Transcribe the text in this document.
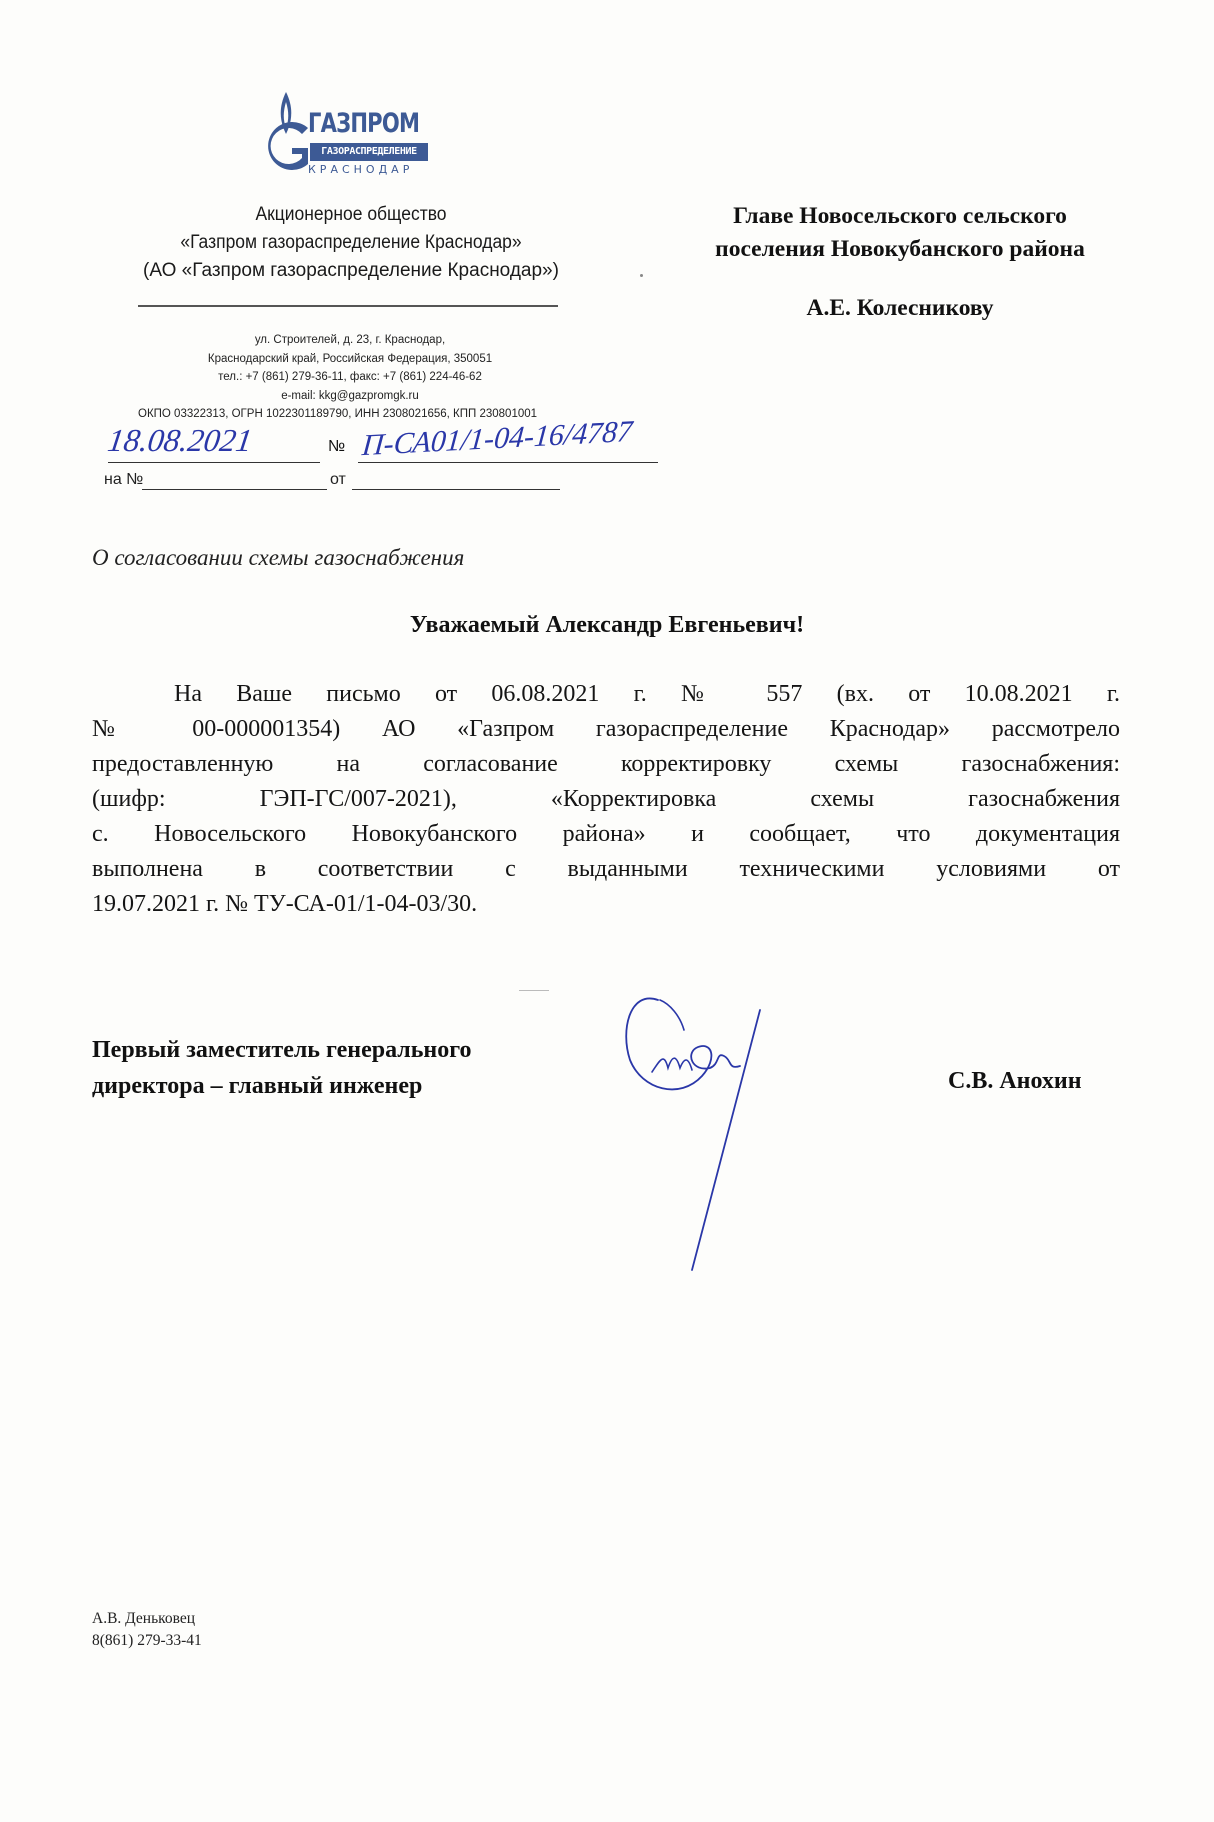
ГАЗПРОМ
ГАЗОРАСПРЕДЕЛЕНИЕ
КРАСНОДАР
Акционерное общество
«Газпром газораспределение Краснодар»
(АО «Газпром газораспределение Краснодар»)
ул. Строителей, д. 23, г. Краснодар,
Краснодарский край, Российская Федерация, 350051
тел.: +7 (861) 279-36-11, факс: +7 (861) 224-46-62
e-mail: kkg@gazpromgk.ru
ОКПО 03322313, ОГРН 1022301189790, ИНН 2308021656, КПП 230801001
18.08.2021	№ П-СА01/1-04-16/4787
на №	от
Главе Новосельского сельского
поселения Новокубанского района
А.Е. Колесникову
О согласовании схемы газоснабжения
Уважаемый Александр Евгеньевич!
На Ваше письмо от 06.08.2021 г. № 557 (вх. от 10.08.2021 г.
№ 00-000001354) АО «Газпром газораспределение Краснодар» рассмотрело
предоставленную на согласование корректировку схемы газоснабжения:
(шифр: ГЭП-ГС/007-2021), «Корректировка схемы газоснабжения
с. Новосельского Новокубанского района» и сообщает, что документация
выполнена в соответствии с выданными техническими условиями от
19.07.2021 г. № ТУ-СА-01/1-04-03/30.
Первый заместитель генерального
директора – главный инженер	С.В. Анохин
А.В. Деньковец
8(861) 279-33-41
